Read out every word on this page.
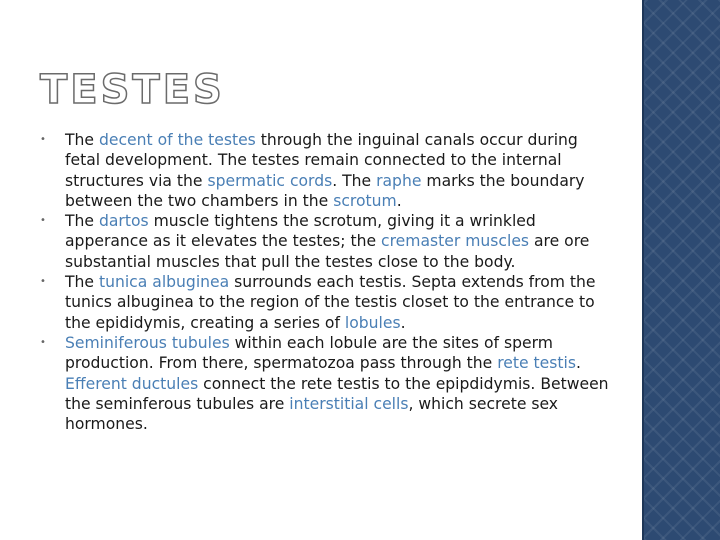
TESTES
• The decent of the testes through the inguinal canals occur during fetal development. The testes remain connected to the internal structures via the spermatic cords. The raphe marks the boundary between the two chambers in the scrotum.
• The dartos muscle tightens the scrotum, giving it a wrinkled apperance as it elevates the testes; the cremaster muscles are ore substantial muscles that pull the testes close to the body.
• The tunica albuginea surrounds each testis. Septa extends from the tunics albuginea to the region of the testis closet to the entrance to the epididymis, creating a series of lobules.
• Seminiferous tubules within each lobule are the sites of sperm production. From there, spermatozoa pass through the rete testis. Efferent ductules connect the rete testis to the epipdidymis. Between the seminferous tubules are interstitial cells, which secrete sex hormones.
